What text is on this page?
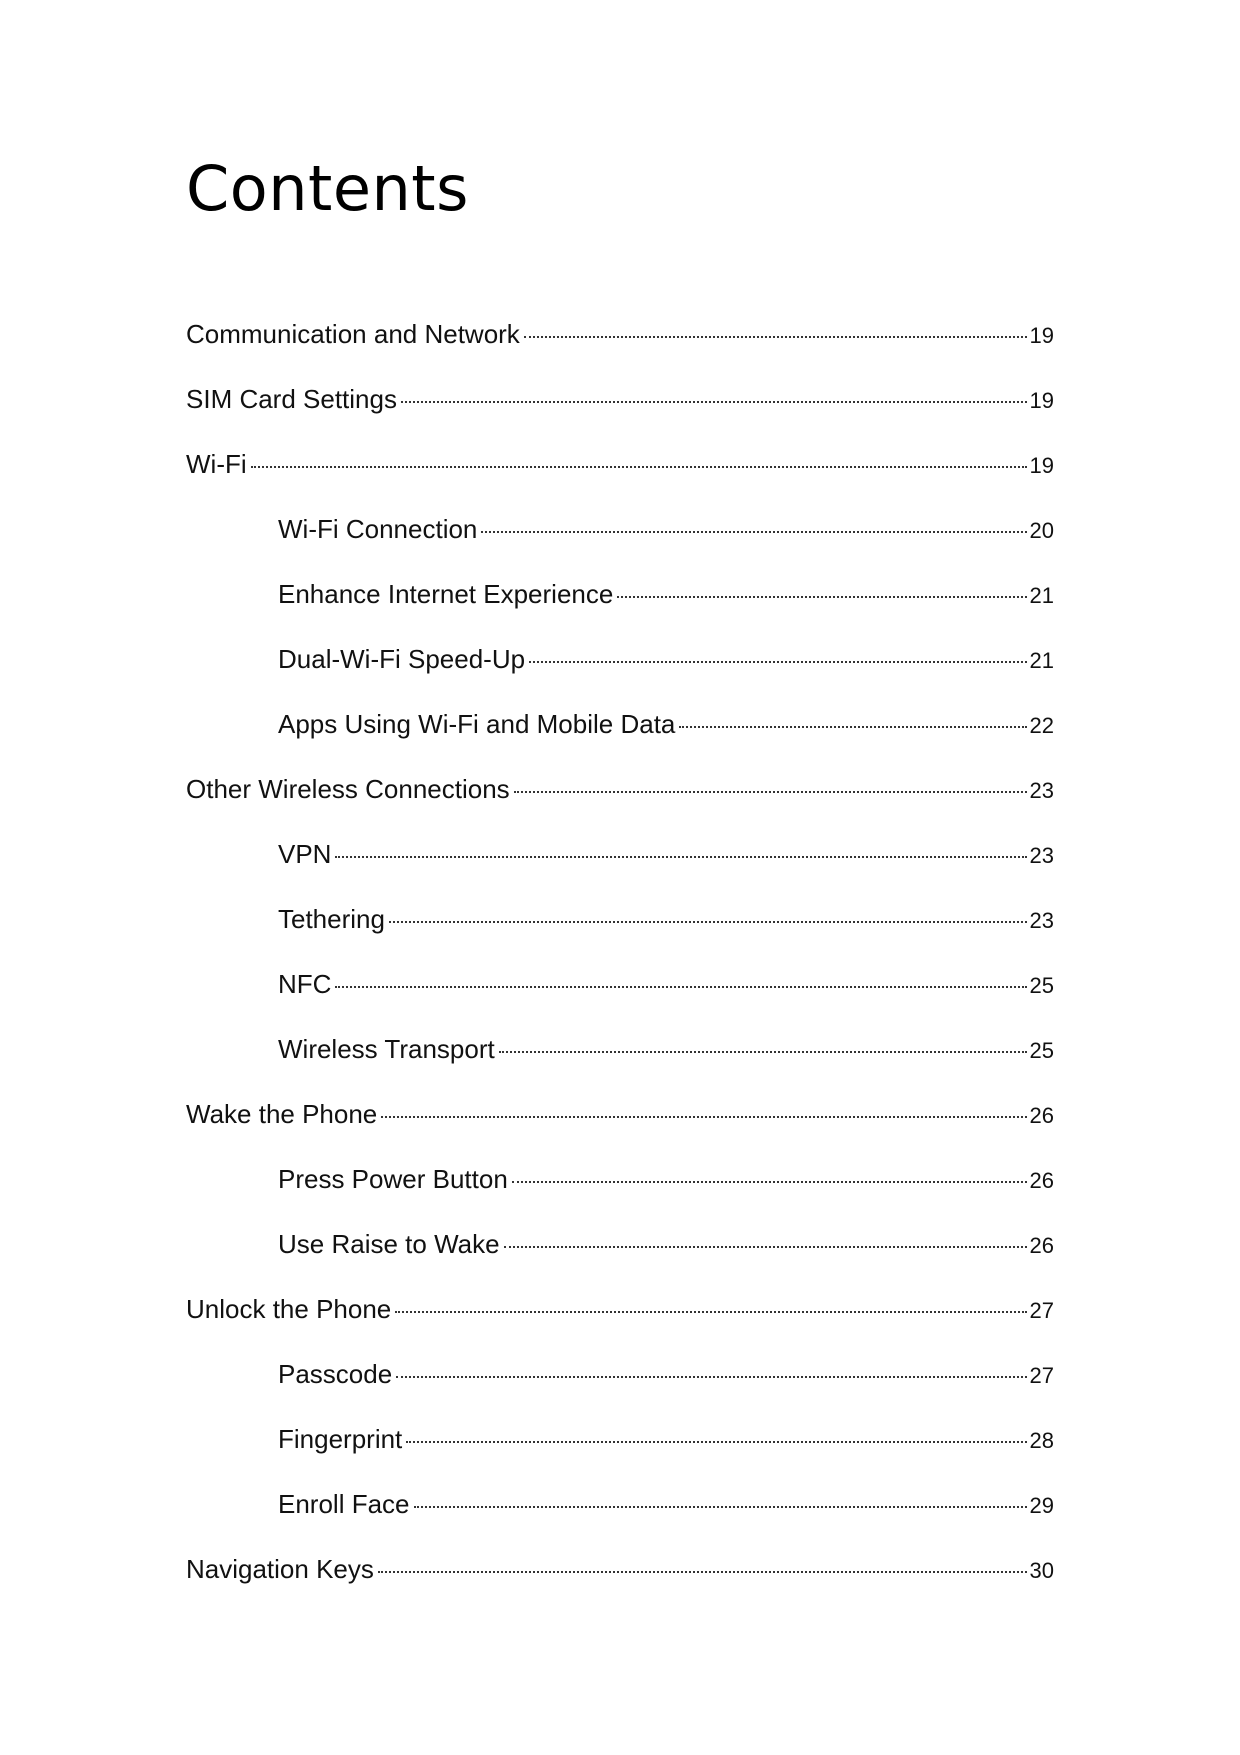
Contents
Communication and Network	19
SIM Card Settings	19
Wi-Fi	19
Wi-Fi Connection	20
Enhance Internet Experience	21
Dual-Wi-Fi Speed-Up	21
Apps Using Wi-Fi and Mobile Data	22
Other Wireless Connections	23
VPN	23
Tethering	23
NFC	25
Wireless Transport	25
Wake the Phone	26
Press Power Button	26
Use Raise to Wake	26
Unlock the Phone	27
Passcode	27
Fingerprint	28
Enroll Face	29
Navigation Keys	30
